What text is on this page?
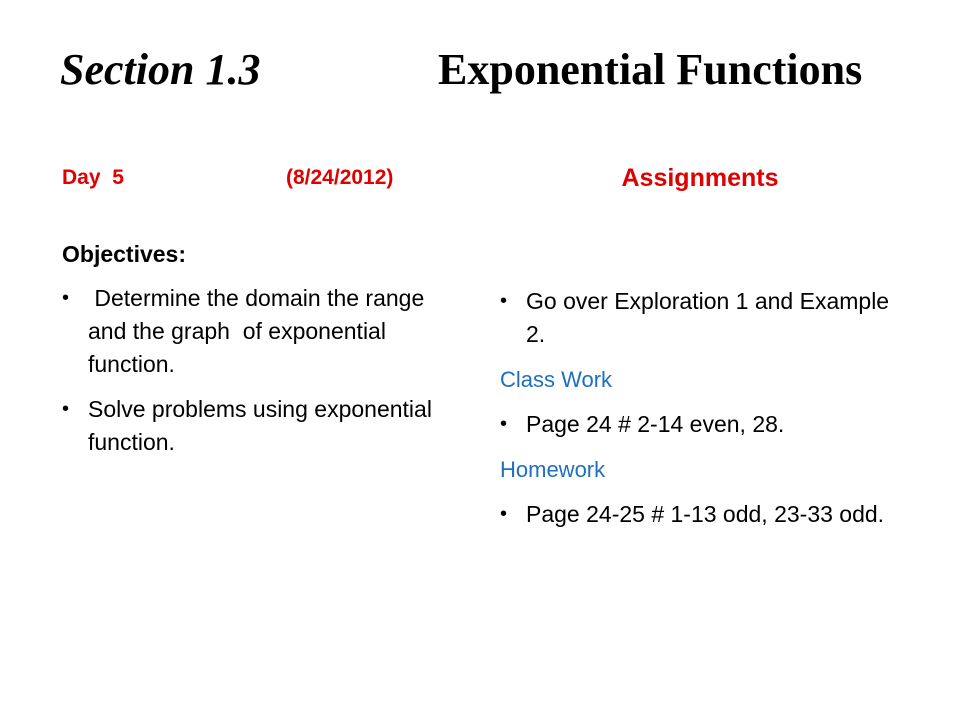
Section 1.3	Exponential Functions
Day  5	(8/24/2012)	Assignments
Objectives:
• Determine the domain the range and the graph  of exponential function.
• Solve problems using exponential function.
• Go over Exploration 1 and Example 2.
Class Work
• Page 24 # 2-14 even, 28.
Homework
• Page 24-25 # 1-13 odd, 23-33 odd.
